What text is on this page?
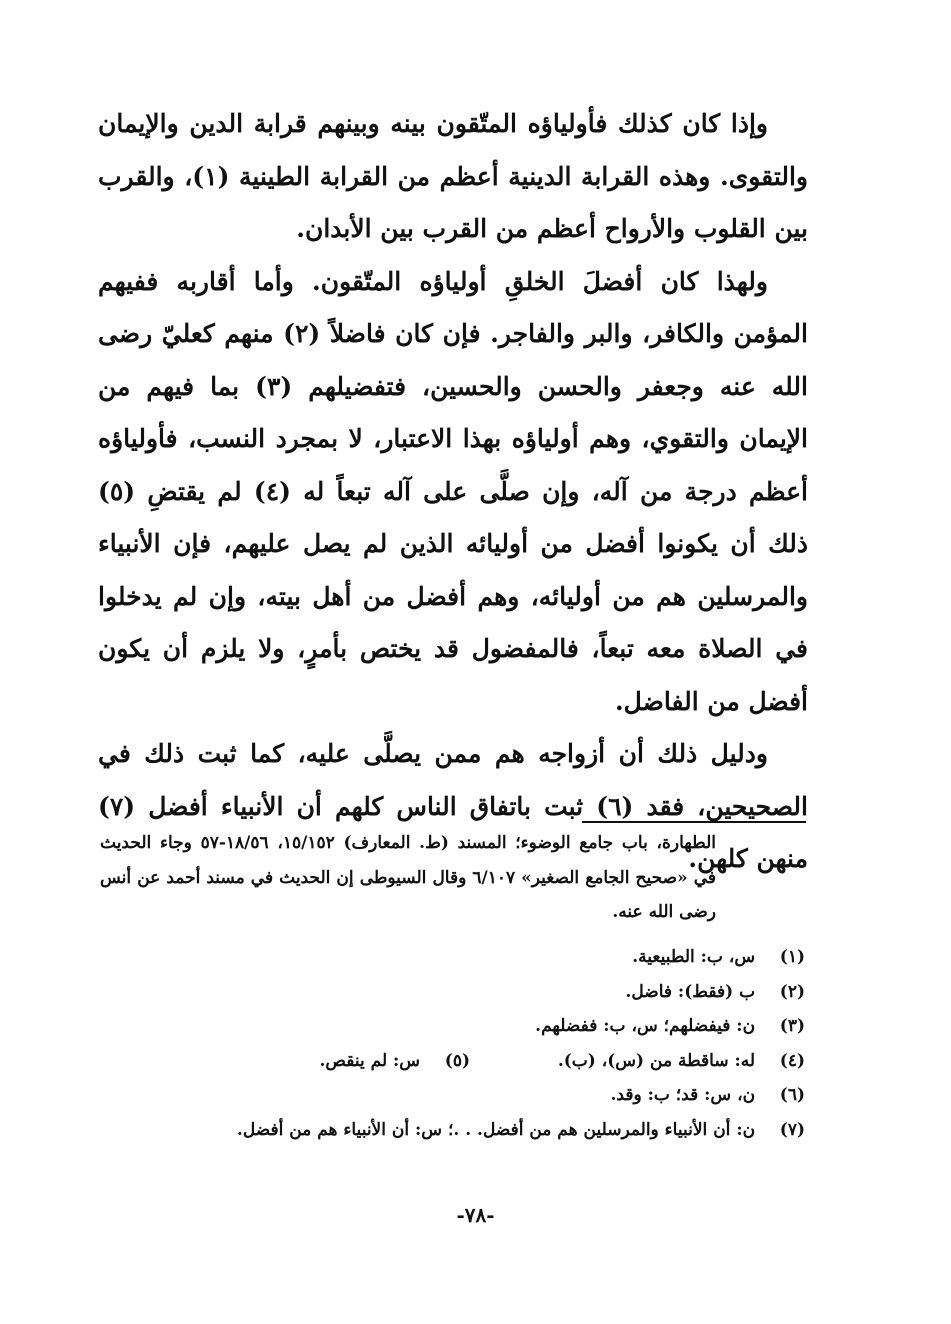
وإذا كان كذلك فأولياؤه المتّقون بينه وبينهم قرابة الدين والإيمان والتقوى. وهذه القرابة الدينية أعظم من القرابة الطينية (١)، والقرب بين القلوب والأرواح أعظم من القرب بين الأبدان.

ولهذا كان أفضلَ الخلقِ أولياؤه المتّقون. وأما أقاربه ففيهم المؤمن والكافر، والبر والفاجر. فإن كان فاضلاً (٢) منهم كعليّ رضى الله عنه وجعفر والحسن والحسين، فتفضيلهم (٣) بما فيهم من الإيمان والتقوي، وهم أولياؤه بهذا الاعتبار، لا بمجرد النسب، فأولياؤه أعظم درجة من آله، وإن صلَّى على آله تبعاً له (٤) لم يقتضِ (٥) ذلك أن يكونوا أفضل من أوليائه الذين لم يصل عليهم، فإن الأنبياء والمرسلين هم من أوليائه، وهم أفضل من أهل بيته، وإن لم يدخلوا في الصلاة معه تبعاً، فالمفضول قد يختص بأمرٍ، ولا يلزم أن يكون أفضل من الفاضل.

ودليل ذلك أن أزواجه هم ممن يصلَّى عليه، كما ثبت ذلك في الصحيحين، فقد (٦) ثبت باتفاق الناس كلهم أن الأنبياء أفضل (٧) منهن كلهن.

الطهارة، باب جامع الوضوء؛ المسند (ط. المعارف) ١٥/١٥٢، ١٨/٥٦-٥٧ وجاء الحديث في «صحيح الجامع الصغير» ٦/١٠٧ وقال السيوطى إن الحديث في مسند أحمد عن أنس رضى الله عنه.
(١) س، ب: الطبيعية.
(٢) ب (فقط): فاضل.
(٣) ن: فيفضلهم؛ س، ب: ففضلهم.
(٤) له: ساقطة من (س)، (ب).
(٥) س: لم ينقص.
(٦) ن، س: قد؛ ب: وقد.
(٧) ن: أن الأنبياء والمرسلين هم من أفضل. . .؛ س: أن الأنبياء هم من أفضل.
-٧٨-
